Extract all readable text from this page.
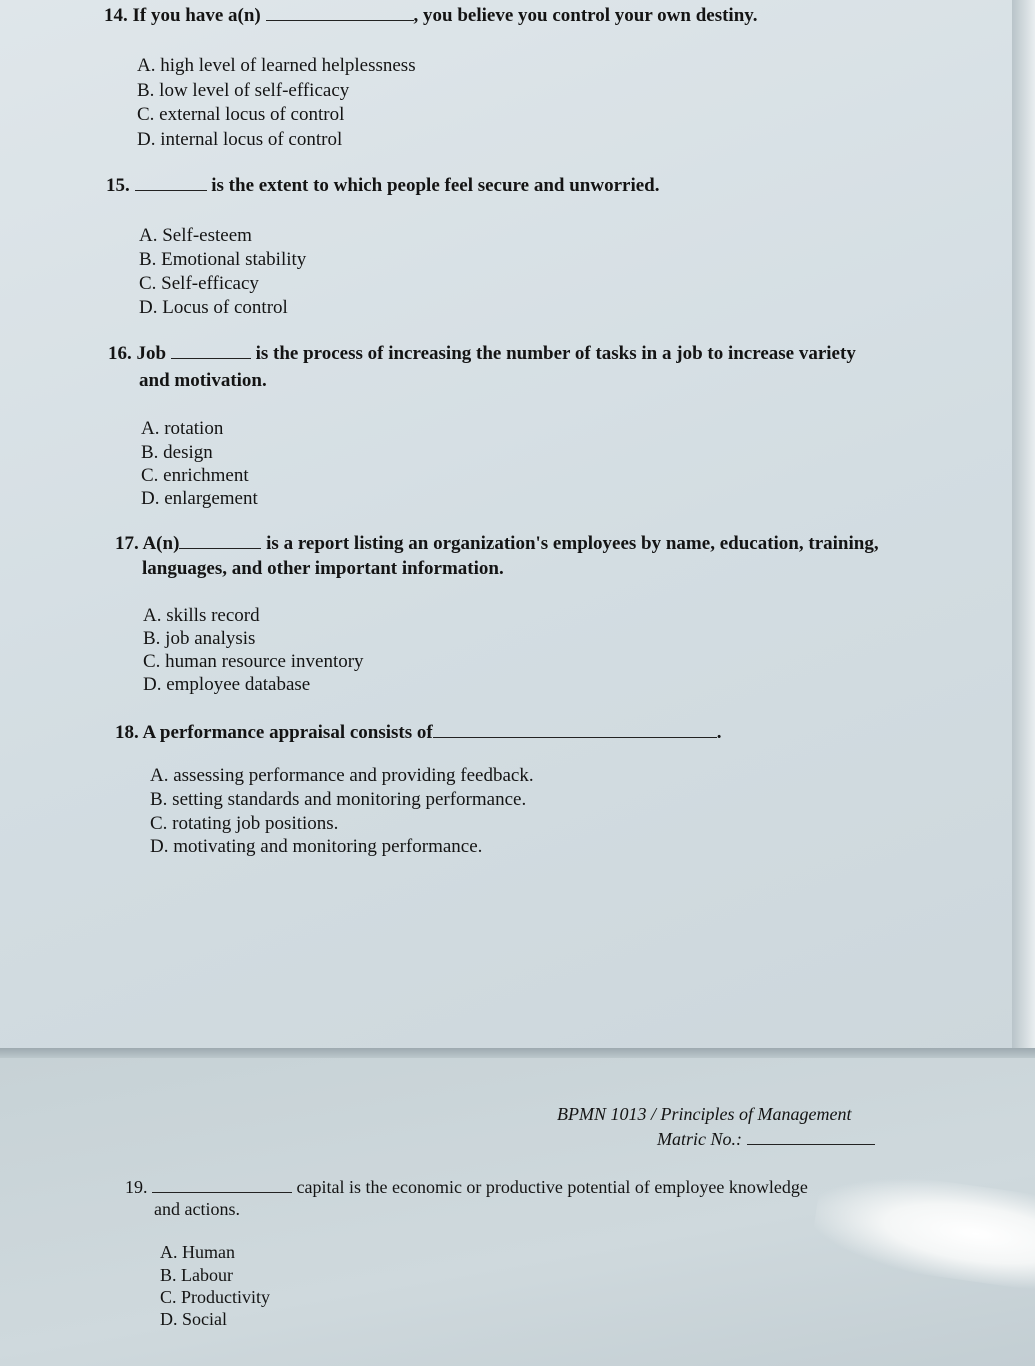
14. If you have a(n)	, you believe you control your own destiny.
A. high level of learned helplessness
B. low level of self-efficacy
C. external locus of control
D. internal locus of control
15.	is the extent to which people feel secure and unworried.
A. Self-esteem
B. Emotional stability
C. Self-efficacy
D. Locus of control
16. Job	is the process of increasing the number of tasks in a job to increase variety
and motivation.
A. rotation
B. design
C. enrichment
D. enlargement
17. A(n)	is a report listing an organization's employees by name, education, training,
languages, and other important information.
A. skills record
B. job analysis
C. human resource inventory
D. employee database
18. A performance appraisal consists of	.
A. assessing performance and providing feedback.
B. setting standards and monitoring performance.
C. rotating job positions.
D. motivating and monitoring performance.
BPMN 1013 / Principles of Management
Matric No.:
19.	capital is the economic or productive potential of employee knowledge
and actions.
A. Human
B. Labour
C. Productivity
D. Social
